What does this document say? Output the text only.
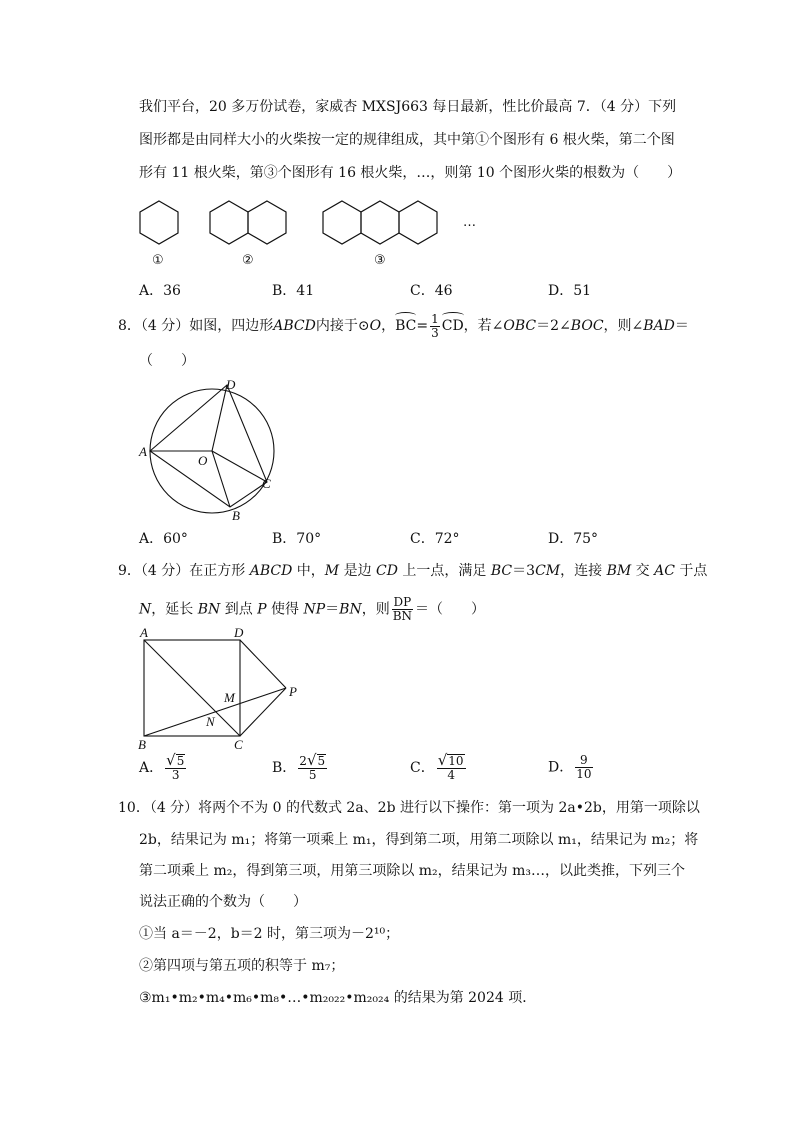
我们平台，20 多万份试卷，家威杏 MXSJ663 每日最新，性比价最高 7．（4 分）下列
图形都是由同样大小的火柴按一定的规律组成，其中第①个图形有 6 根火柴，第二个图
形有 11 根火柴，第③个图形有 16 根火柴，…，则第 10 个图形火柴的根数为（　　）
…
①	②	③
A．36	B．41	C．46	D．51
8．（4 分）如图，四边形ABCD内接于⊙O，$BC= \frac{1}{3}$ CD，若∠OBC＝2∠BOC，则∠BAD＝
（　　）
D
A
O
C
B
A．60°	B．70°	C．72°	D．75°
9．（4 分）在正方形 ABCD 中，M 是边 CD 上一点，满足 BC＝3CM，连接 BM 交 AC 于点
N，延长 BN 到点 P 使得 NP＝BN，则 $\frac{DP}{BN}$ ＝（　　）
A	D
M	P
N
B	C
A． $\frac{√5}{3}$	B． $\frac{2√5}{5}$	C． $\frac{√10}{4}$	D． $\frac{9}{10}$
10．（4 分）将两个不为 0 的代数式 2a、2b 进行以下操作：第一项为 2a•2b，用第一项除以
2b，结果记为 m₁；将第一项乘上 m₁，得到第二项，用第二项除以 m₁，结果记为 m₂；将
第二项乘上 m₂，得到第三项，用第三项除以 m₂，结果记为 m₃…，以此类推，下列三个
说法正确的个数为（　　）
①当 a＝－2，b＝2 时，第三项为－2¹⁰；
②第四项与第五项的积等于 m₇；
③m₁•m₂•m₄•m₆•m₈•…•m₂₀₂₂•m₂₀₂₄ 的结果为第 2024 项．
